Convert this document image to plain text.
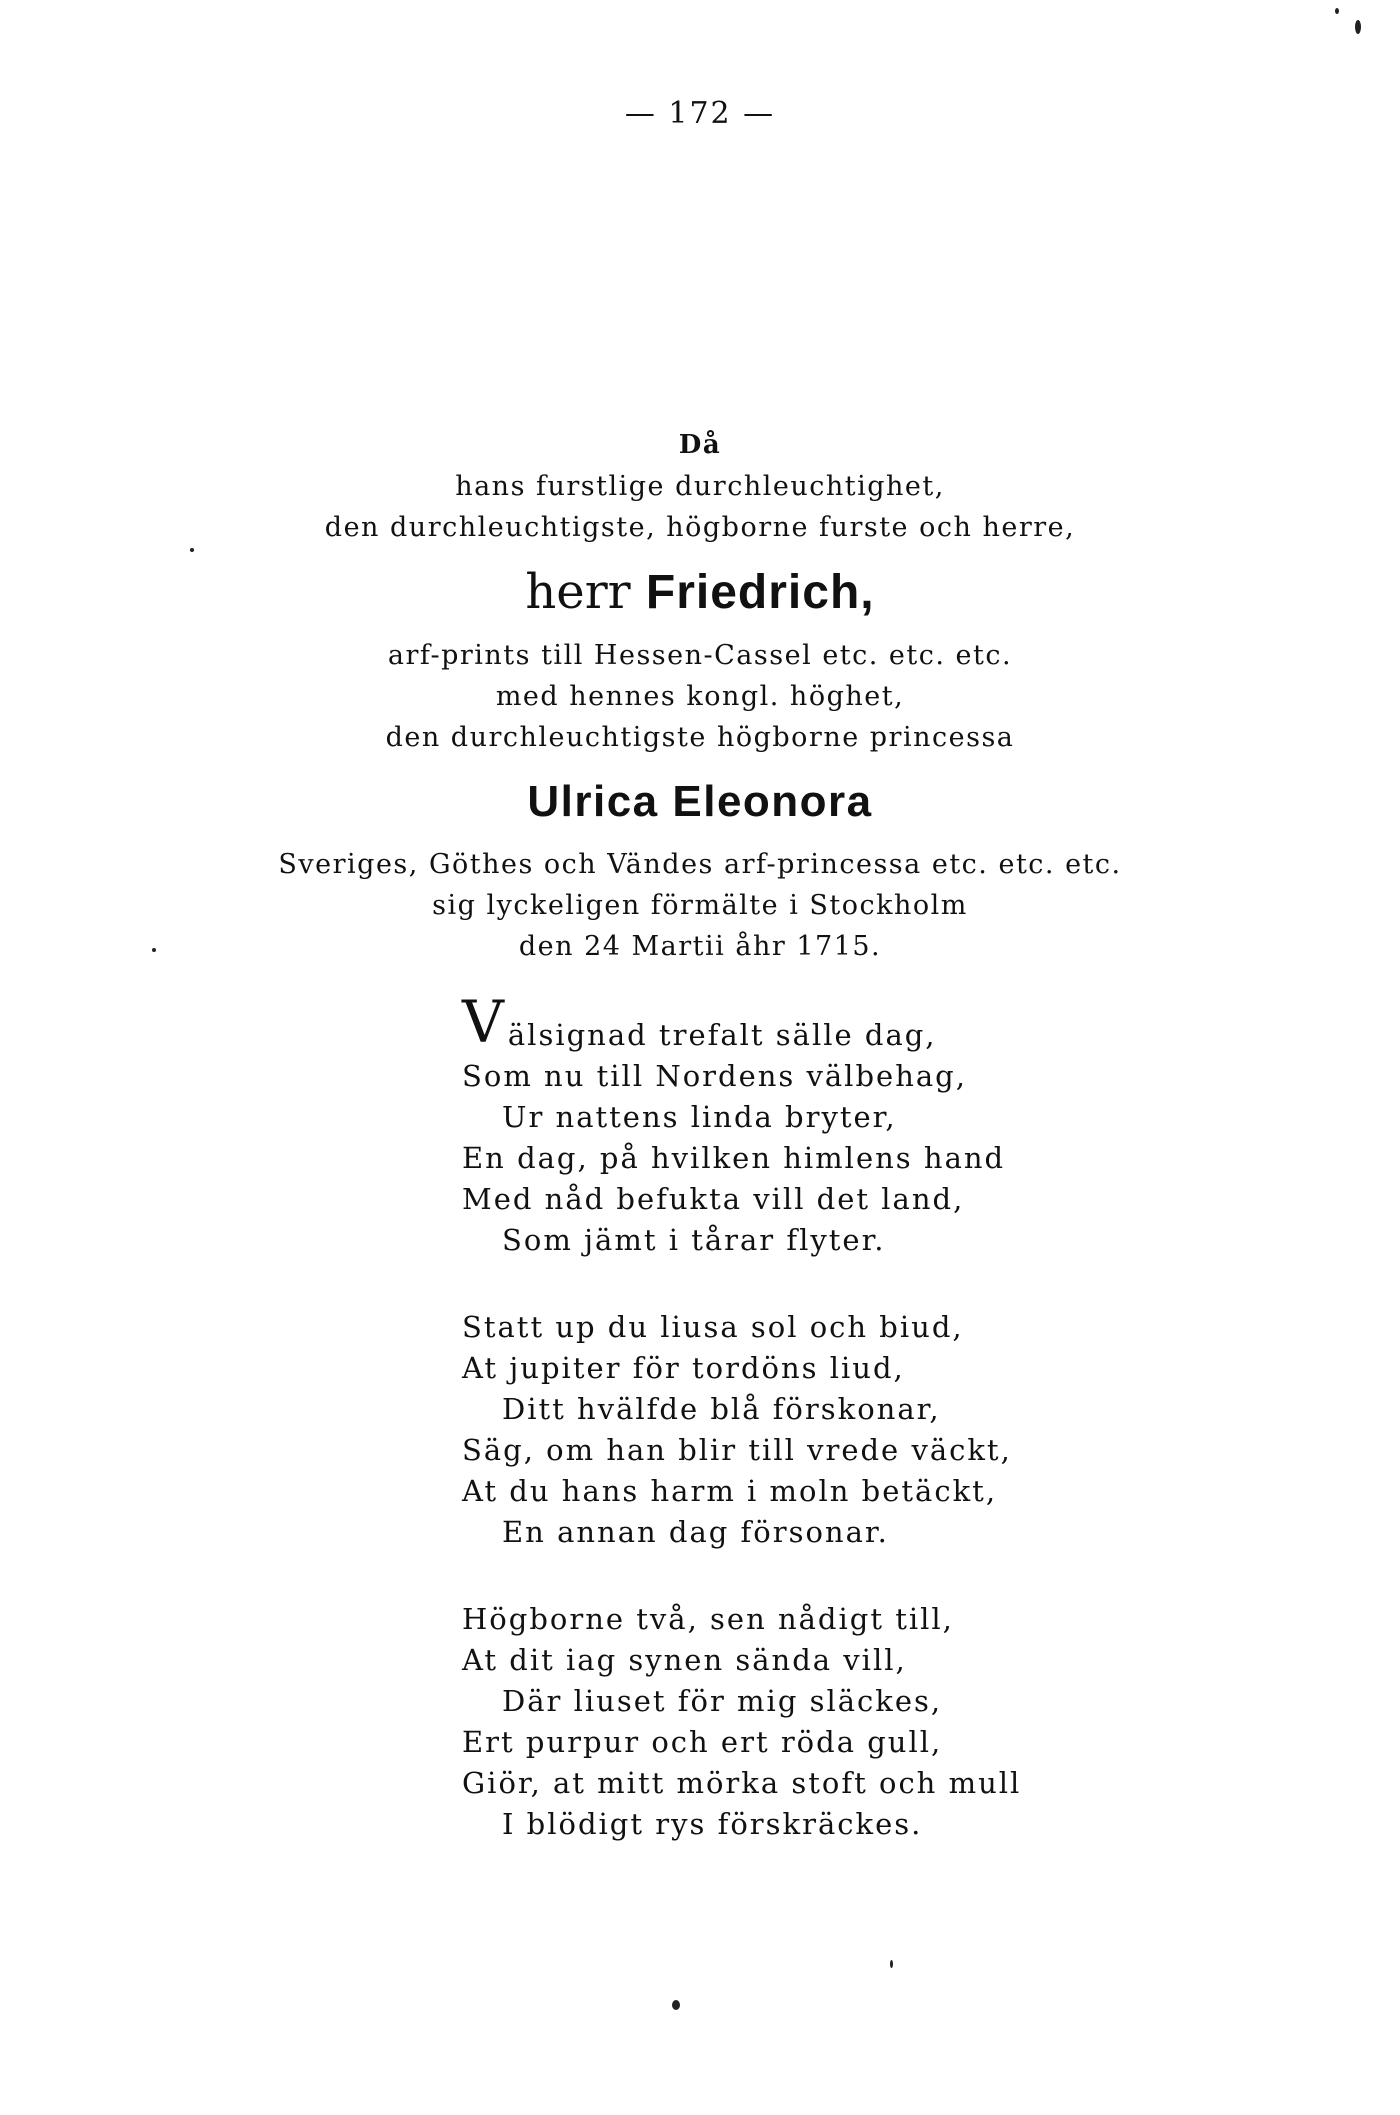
— 172 —
Då
hans furstlige durchleuchtighet,
den durchleuchtigste, högborne furste och herre,
herr Friedrich,
arf-prints till Hessen-Cassel etc. etc. etc.
med hennes kongl. höghet,
den durchleuchtigste högborne princessa
Ulrica Eleonora
Sveriges, Göthes och Vändes arf-princessa etc. etc. etc.
sig lyckeligen förmälte i Stockholm
den 24 Martii åhr 1715.
Välsignad trefalt sälle dag,
Som nu till Nordens välbehag,
Ur nattens linda bryter,
En dag, på hvilken himlens hand
Med nåd befukta vill det land,
Som jämt i tårar flyter.
Statt up du liusa sol och biud,
At jupiter för tordöns liud,
Ditt hvälfde blå förskonar,
Säg, om han blir till vrede väckt,
At du hans harm i moln betäckt,
En annan dag försonar.
Högborne två, sen nådigt till,
At dit iag synen sända vill,
Där liuset för mig släckes,
Ert purpur och ert röda gull,
Giör, at mitt mörka stoft och mull
I blödigt rys förskräckes.
